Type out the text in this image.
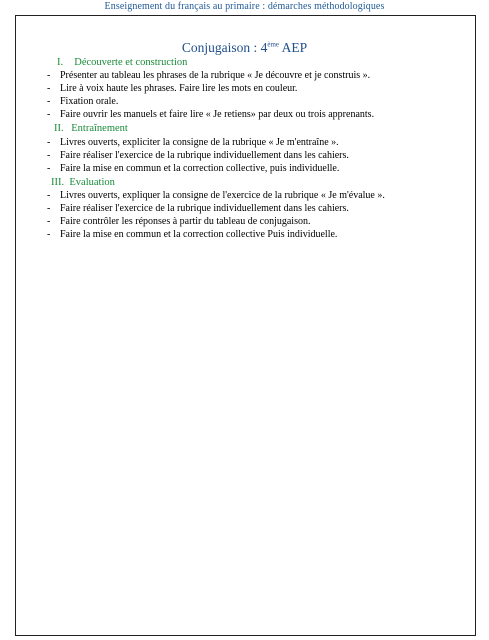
Enseignement du français au primaire : démarches méthodologiques
Conjugaison : 4ème AEP
I. Découverte et construction
- Présenter au tableau les phrases de la rubrique « Je découvre et je construis ».
- Lire à voix haute les phrases. Faire lire les mots en couleur.
- Fixation orale.
- Faire ouvrir les manuels et faire lire « Je retiens» par deux ou trois apprenants.
II. Entraînement
- Livres ouverts, expliciter la consigne de la rubrique « Je m'entraîne ».
- Faire réaliser l'exercice de la rubrique individuellement dans les cahiers.
- Faire la mise en commun et la correction collective, puis individuelle.
III. Evaluation
- Livres ouverts, expliquer la consigne de l'exercice de la rubrique « Je m'évalue ».
- Faire réaliser l'exercice de la rubrique individuellement dans les cahiers.
- Faire contrôler les réponses à partir du tableau de conjugaison.
- Faire la mise en commun et la correction collective Puis individuelle.
